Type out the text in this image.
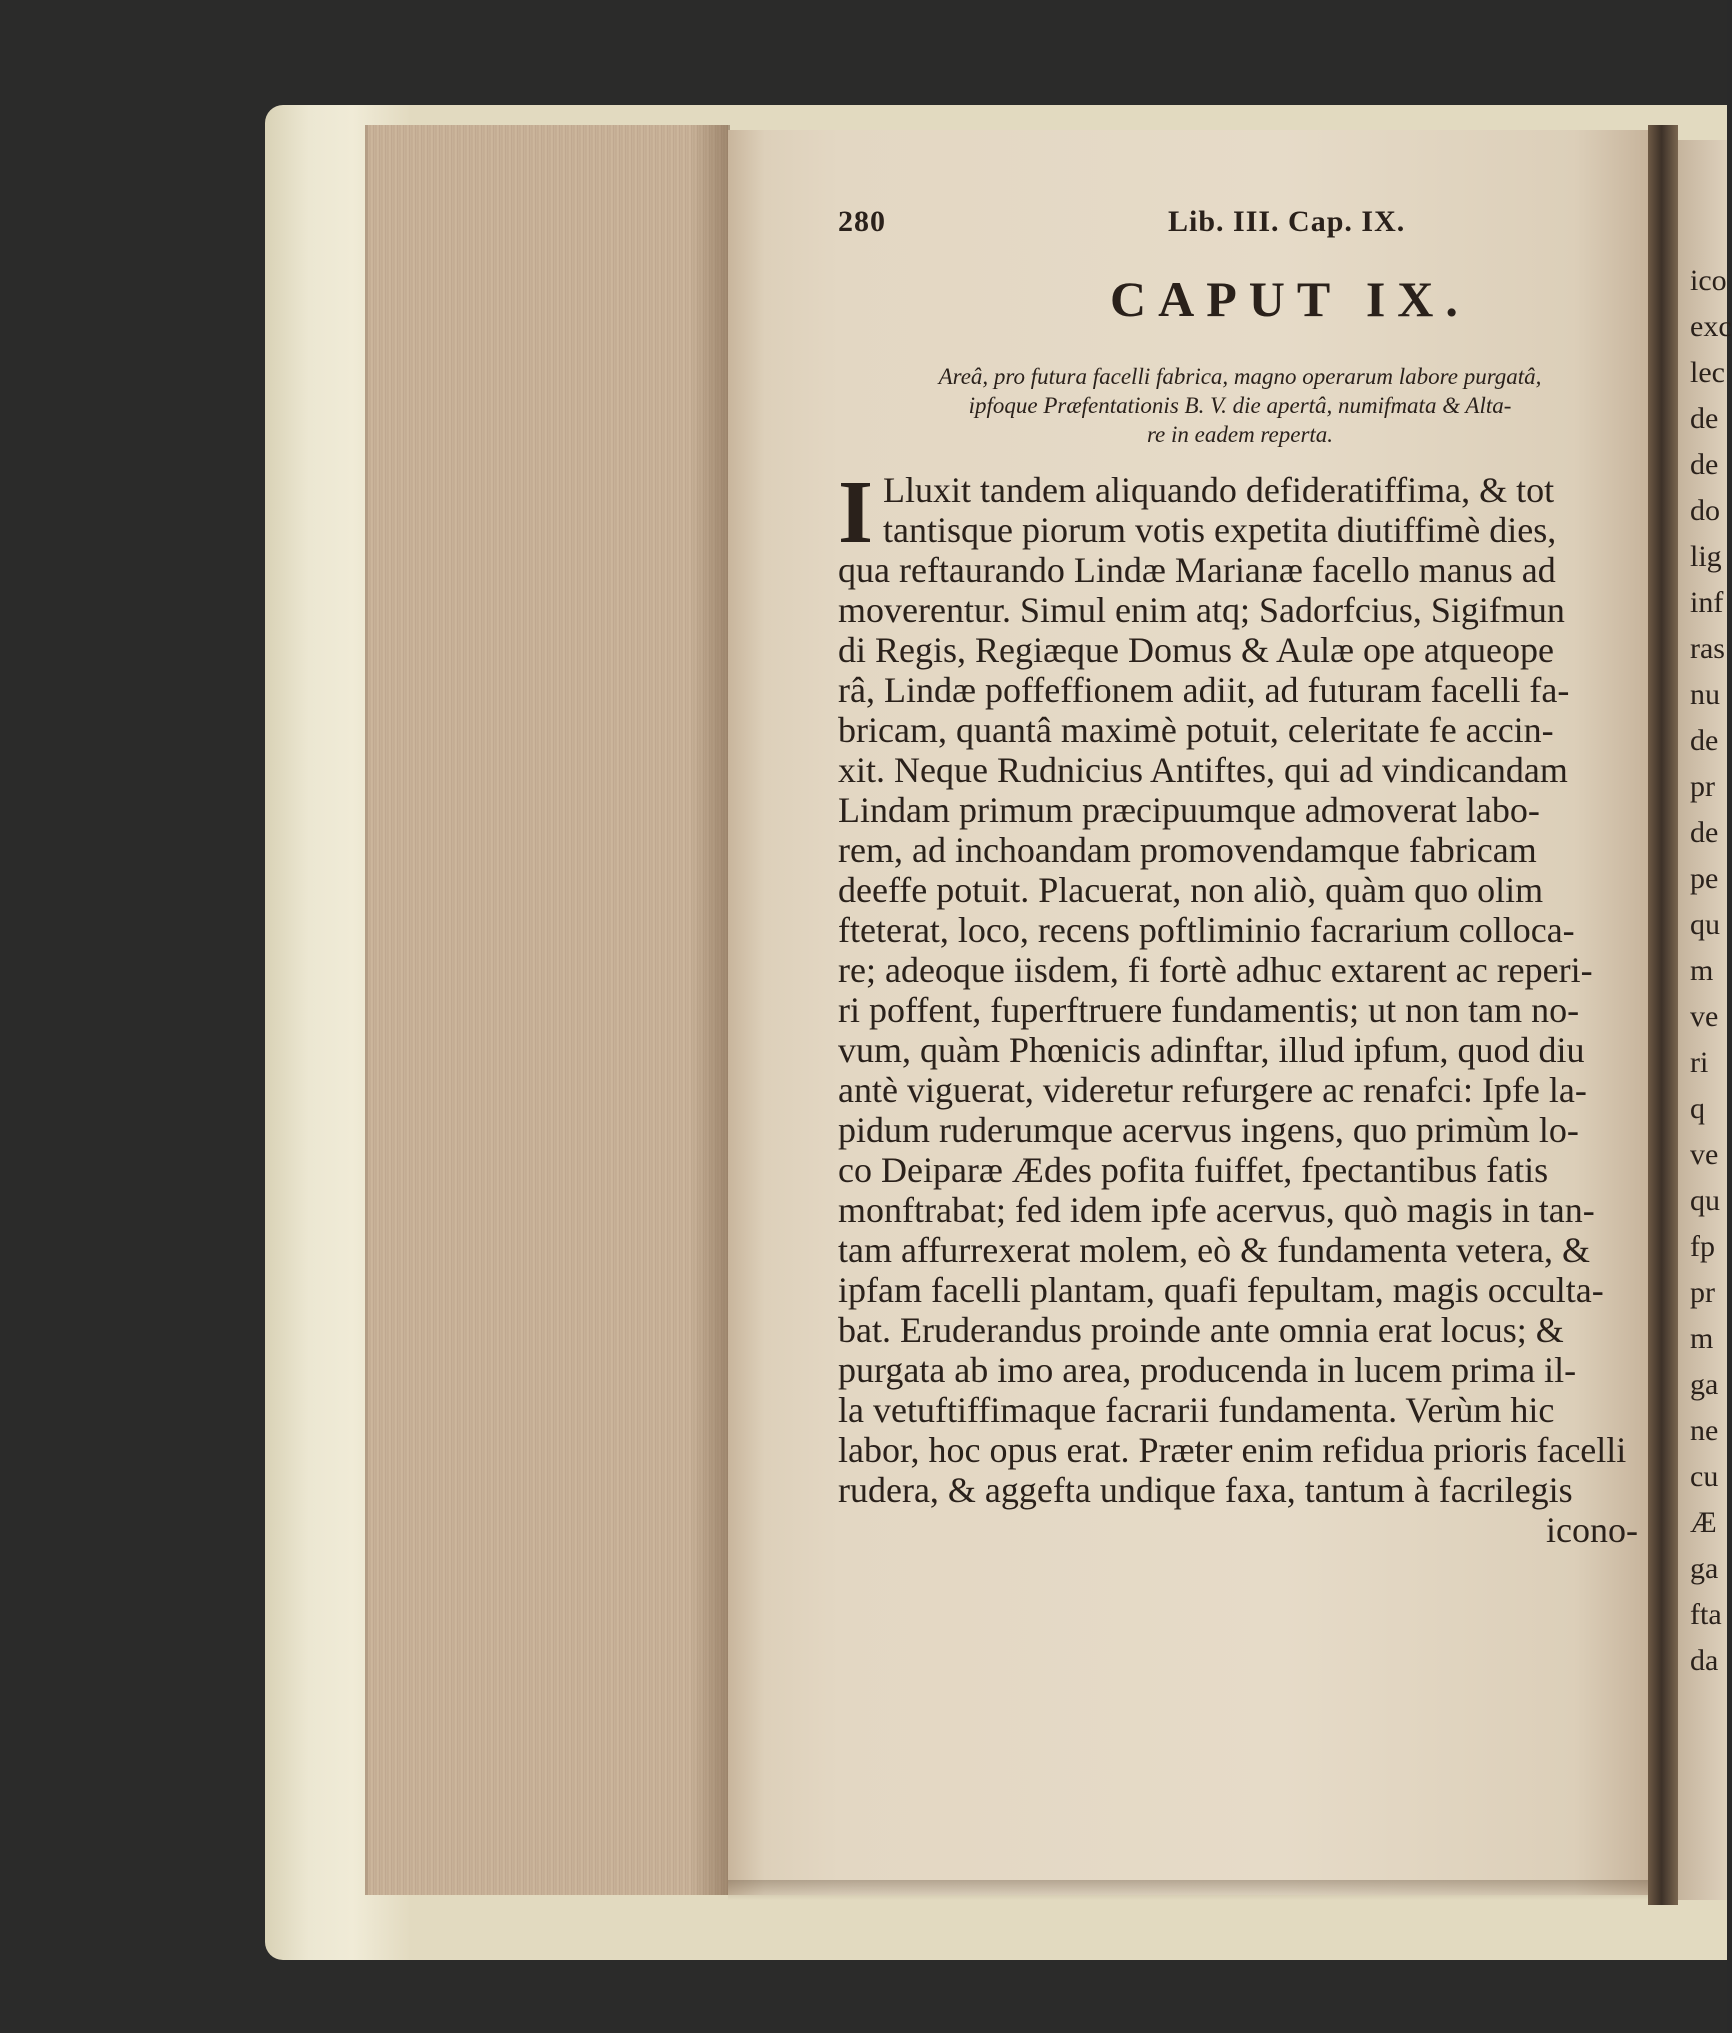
280	Lib. III. Cap. IX.
CAPUT IX.
Areâ, pro futura facelli fabrica, magno operarum labore purgatâ,
ipfoque Præfentationis B. V. die apertâ, numifmata & Alta-
re in eadem reperta.
I Lluxit tandem aliquando defideratiffima, & tot
tantisque piorum votis expetita diutiffimè dies,
qua reftaurando Lindæ Marianæ facello manus ad
moverentur. Simul enim atq; Sadorfcius, Sigifmun
di Regis, Regiæque Domus & Aulæ ope atqueope
râ, Lindæ poffeffionem adiit, ad futuram facelli fa-
bricam, quantâ maximè potuit, celeritate fe accin-
xit. Neque Rudnicius Antiftes, qui ad vindicandam
Lindam primum præcipuumque admoverat labo-
rem, ad inchoandam promovendamque fabricam
deeffe potuit. Placuerat, non aliò, quàm quo olim
fteterat, loco, recens poftliminio facrarium colloca-
re; adeoque iisdem, fi fortè adhuc extarent ac reperi-
ri poffent, fuperftruere fundamentis; ut non tam no-
vum, quàm Phœnicis adinftar, illud ipfum, quod diu
antè viguerat, videretur refurgere ac renafci: Ipfe la-
pidum ruderumque acervus ingens, quo primùm lo-
co Deiparæ Ædes pofita fuiffet, fpectantibus fatis
monftrabat; fed idem ipfe acervus, quò magis in tan-
tam affurrexerat molem, eò & fundamenta vetera, &
ipfam facelli plantam, quafi fepultam, magis occulta-
bat. Eruderandus proinde ante omnia erat locus; &
purgata ab imo area, producenda in lucem prima il-
la vetuftiffimaque facrarii fundamenta. Verùm hic
labor, hoc opus erat. Præter enim refidua prioris facelli
rudera, & aggefta undique faxa, tantum à facrilegis
icono-
ico
exc
lec
de
de
do
lig
inf
ras
nu
de
pr
de
pe
qu
m
ve
ri
q
ve
qu
fp
pr
m
ga
ne
cu
Æ
ga
fta
da
